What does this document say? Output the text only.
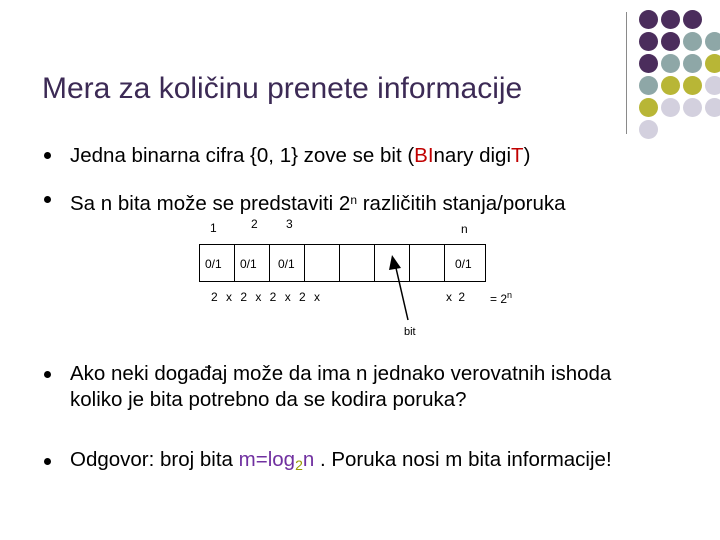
Mera za količinu prenete informacije
Jedna binarna cifra {0, 1} zove se bit (BInary digiT)
Sa n bita može se predstaviti 2$^n$ različitih stanja/poruka
1	2 3	n
0/1 0/1 0/1	0/1
2 x 2 x 2 x 2 x	x $2 = 2^n$
bit
Ako neki događaj može da ima n jednako verovatnih ishoda
koliko je bita potrebno da se kodira poruka?
Odgovor: broj bita $m=\log_2n$ . Poruka nosi m bita informacije!
